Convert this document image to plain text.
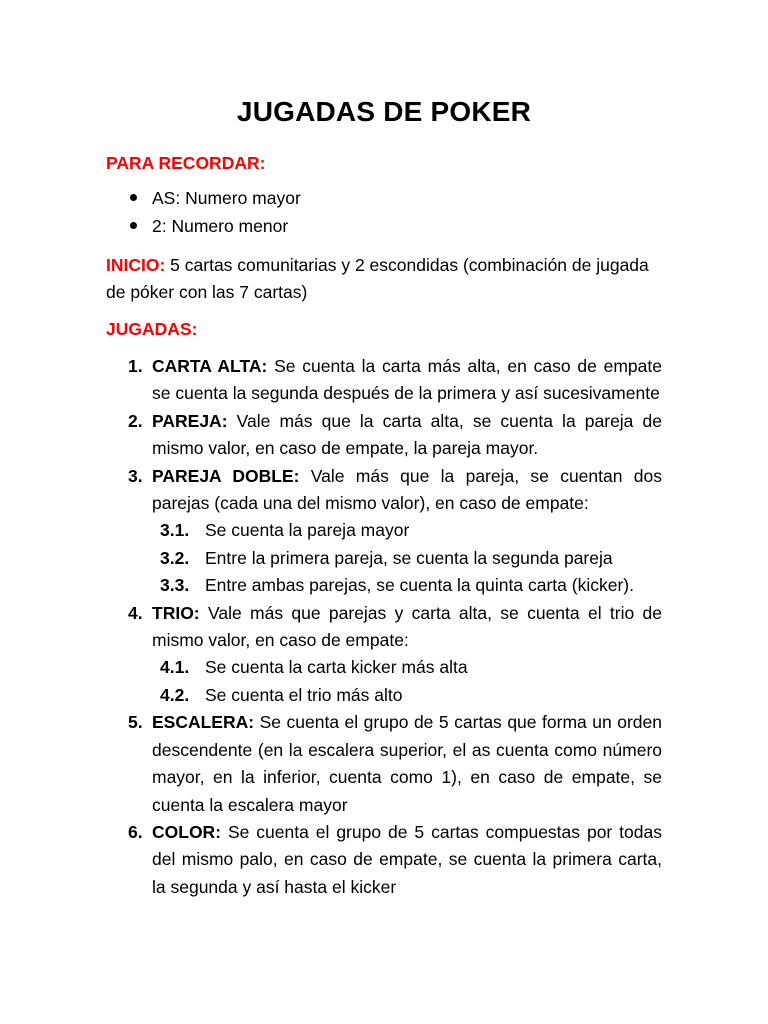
JUGADAS DE POKER
PARA RECORDAR:
AS: Numero mayor
2: Numero menor
INICIO: 5 cartas comunitarias y 2 escondidas (combinación de jugada de póker con las 7 cartas)
JUGADAS:
1. CARTA ALTA: Se cuenta la carta más alta, en caso de empate se cuenta la segunda después de la primera y así sucesivamente
2. PAREJA: Vale más que la carta alta, se cuenta la pareja de mismo valor, en caso de empate, la pareja mayor.
3. PAREJA DOBLE: Vale más que la pareja, se cuentan dos parejas (cada una del mismo valor), en caso de empate:
3.1. Se cuenta la pareja mayor
3.2. Entre la primera pareja, se cuenta la segunda pareja
3.3. Entre ambas parejas, se cuenta la quinta carta (kicker).
4. TRIO: Vale más que parejas y carta alta, se cuenta el trio de mismo valor, en caso de empate:
4.1. Se cuenta la carta kicker más alta
4.2. Se cuenta el trio más alto
5. ESCALERA: Se cuenta el grupo de 5 cartas que forma un orden descendente (en la escalera superior, el as cuenta como número mayor, en la inferior, cuenta como 1), en caso de empate, se cuenta la escalera mayor
6. COLOR: Se cuenta el grupo de 5 cartas compuestas por todas del mismo palo, en caso de empate, se cuenta la primera carta, la segunda y así hasta el kicker
